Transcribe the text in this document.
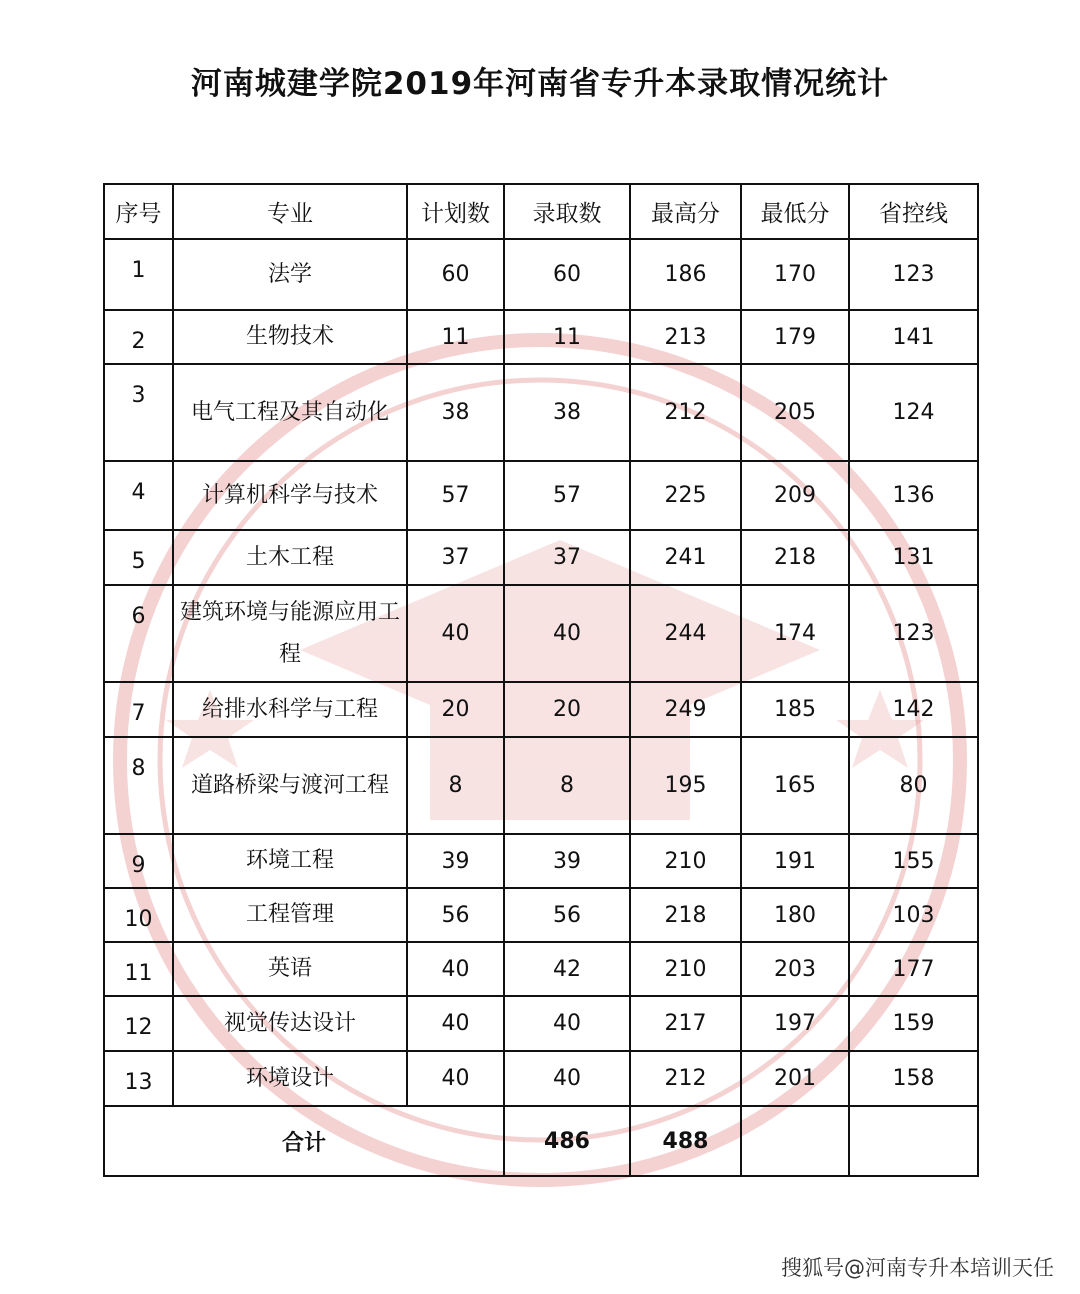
河南城建学院2019年河南省专升本录取情况统计
序号	专业	计划数	录取数	最高分	最低分	省控线
1	法学	60	60	186	170	123
2	生物技术	11	11	213	179	141
3	电气工程及其自动化	38	38	212	205	124
4	计算机科学与技术	57	57	225	209	136
5	土木工程	37	37	241	218	131
6	建筑环境与能源应用工程	40	40	244	174	123
7	给排水科学与工程	20	20	249	185	142
8	道路桥梁与渡河工程	8	8	195	165	80
9	环境工程	39	39	210	191	155
10	工程管理	56	56	218	180	103
11	英语	40	42	210	203	177
12	视觉传达设计	40	40	217	197	159
13	环境设计	40	40	212	201	158
合计			486	488		
搜狐号@河南专升本培训天任
